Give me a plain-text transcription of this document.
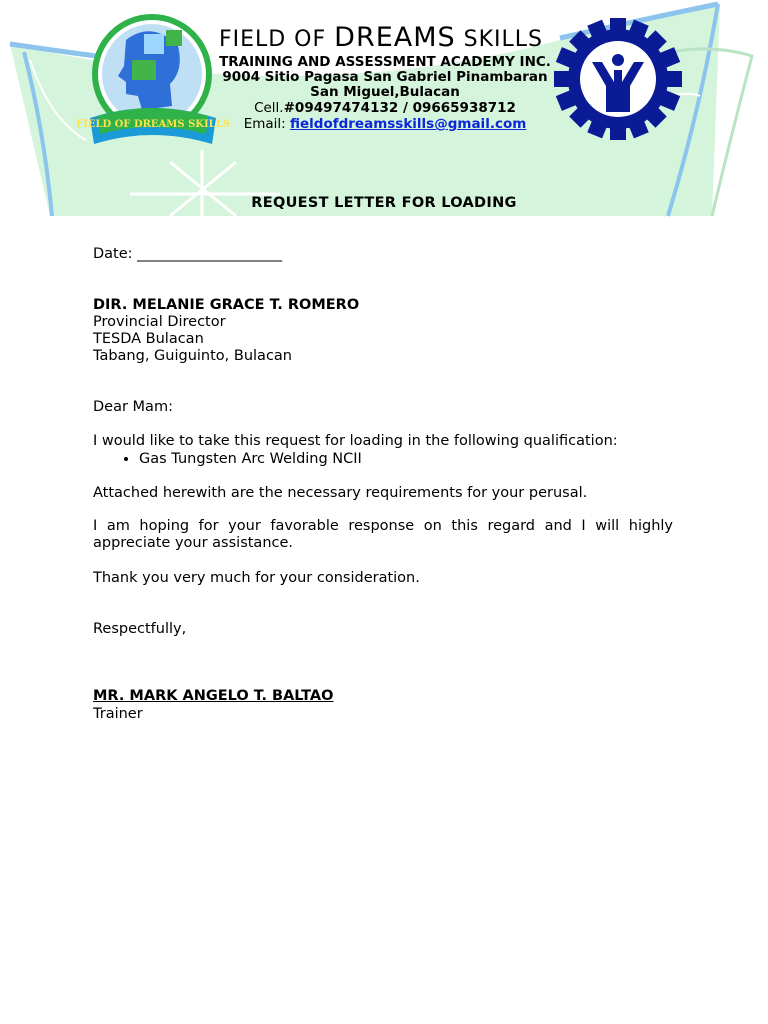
FIELD OF DREAMS SKILLS
FIELD OF DREAMS SKILLS
TRAINING AND ASSESSMENT ACADEMY INC.
9004 Sitio Pagasa San Gabriel Pinambaran
San Miguel,Bulacan
Cell.#09497474132 / 09665938712
Email: fieldofdreamsskills@gmail.com
REQUEST LETTER FOR LOADING
Date: ____________________
DIR. MELANIE GRACE T. ROMERO
Provincial Director
TESDA Bulacan
Tabang, Guiguinto, Bulacan
Dear Mam:
I would like to take this request for loading in the following qualification:
• Gas Tungsten Arc Welding NCII
Attached herewith are the necessary requirements for your perusal.
I am hoping for your favorable response on this regard and I will highly appreciate your assistance.
Thank you very much for your consideration.
Respectfully,
MR. MARK ANGELO T. BALTAO
Trainer
